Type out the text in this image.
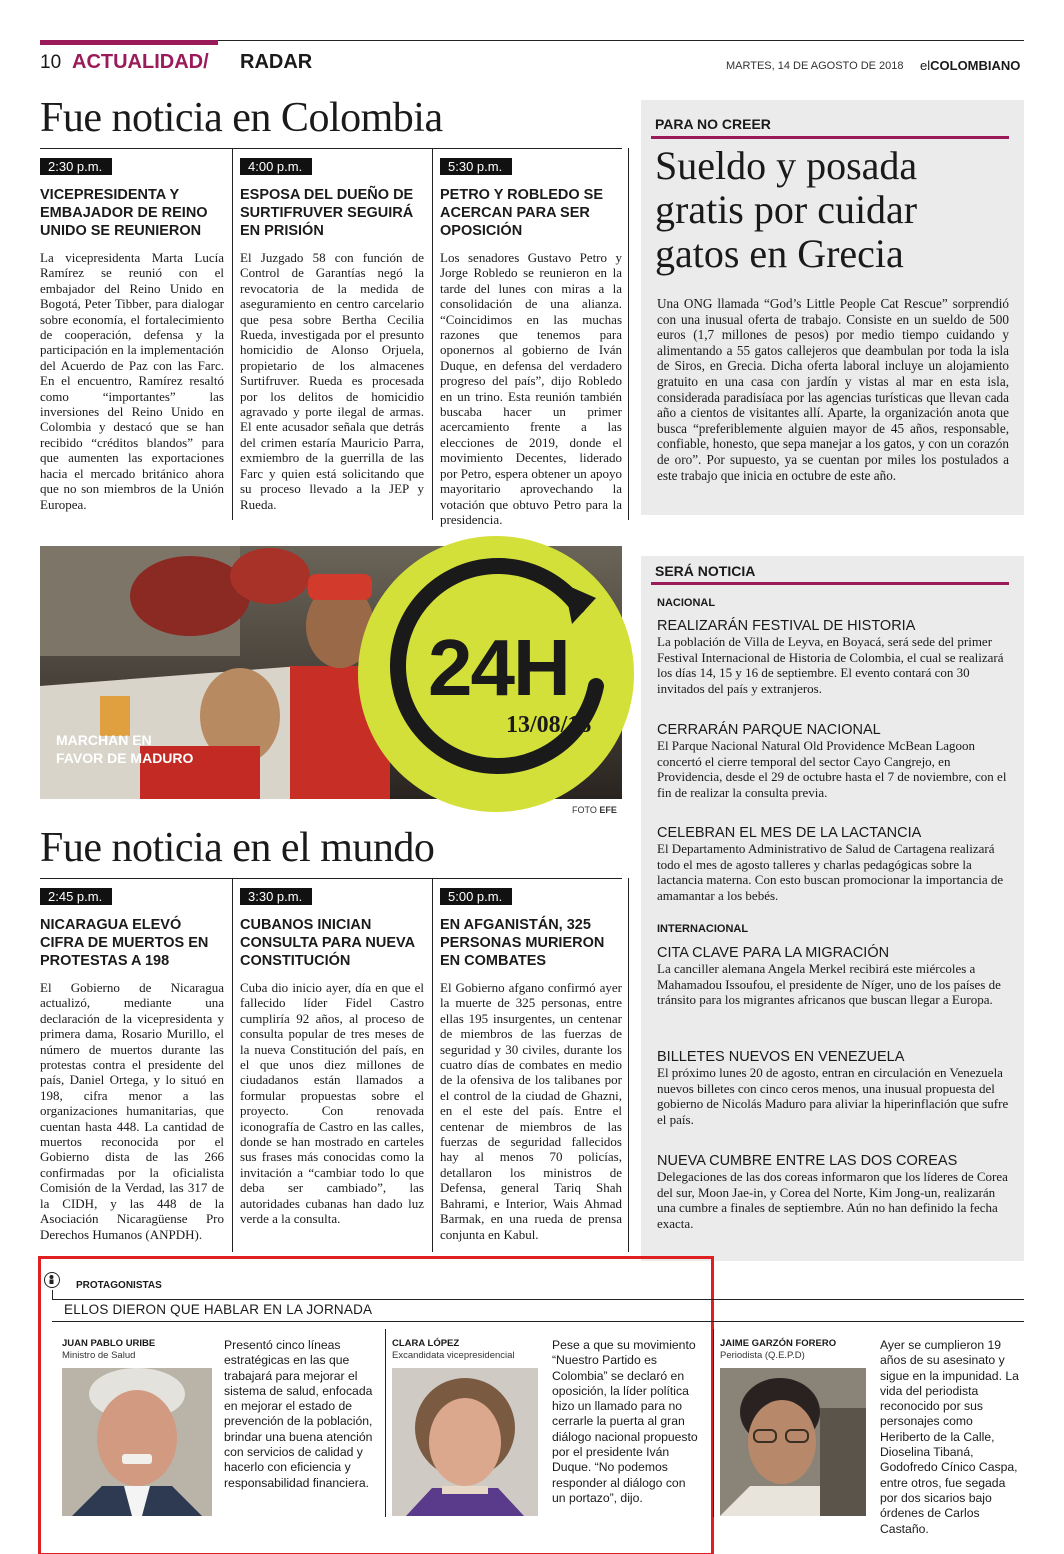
10 ACTUALIDAD/ RADAR	MARTES, 14 DE AGOSTO DE 2018 elCOLOMBIANO
Fue noticia en Colombia
2:30 p.m.
VICEPRESIDENTA Y EMBAJADOR DE REINO UNIDO SE REUNIERON
La vicepresidenta Marta Lucía Ramírez se reunió con el embajador del Reino Unido en Bogotá, Peter Tibber, para dialogar sobre economía, el fortalecimiento de cooperación, defensa y la participación en la implementación del Acuerdo de Paz con las Farc. En el encuentro, Ramírez resaltó como “importantes” las inversiones del Reino Unido en Colombia y destacó que se han recibido “créditos blandos” para que aumenten las exportaciones hacia el mercado británico ahora que no son miembros de la Unión Europea.
4:00 p.m.
ESPOSA DEL DUEÑO DE SURTIFRUVER SEGUIRÁ EN PRISIÓN
El Juzgado 58 con función de Control de Garantías negó la revocatoria de la medida de aseguramiento en centro carcelario que pesa sobre Bertha Cecilia Rueda, investigada por el presunto homicidio de Alonso Orjuela, propietario de los almacenes Surtifruver. Rueda es procesada por los delitos de homicidio agravado y porte ilegal de armas. El ente acusador señala que detrás del crimen estaría Mauricio Parra, exmiembro de la guerrilla de las Farc y quien está solicitando que su proceso llevado a la JEP y Rueda.
5:30 p.m.
PETRO Y ROBLEDO SE ACERCAN PARA SER OPOSICIÓN
Los senadores Gustavo Petro y Jorge Robledo se reunieron en la tarde del lunes con miras a la consolidación de una alianza. “Coincidimos en las muchas razones que tenemos para oponernos al gobierno de Iván Duque, en defensa del verdadero progreso del país”, dijo Robledo en un trino. Esta reunión también buscaba hacer un primer acercamiento frente a las elecciones de 2019, donde el movimiento Decentes, liderado por Petro, espera obtener un apoyo mayoritario aprovechando la votación que obtuvo Petro para la presidencia.
PARA NO CREER
Sueldo y posada gratis por cuidar gatos en Grecia
Una ONG llamada “God’s Little People Cat Rescue” sorprendió con una inusual oferta de trabajo. Consiste en un sueldo de 500 euros (1,7 millones de pesos) por medio tiempo cuidando y alimentando a 55 gatos callejeros que deambulan por toda la isla de Siros, en Grecia. Dicha oferta laboral incluye un alojamiento gratuito en una casa con jardín y vistas al mar en esta isla, considerada paradisíaca por las agencias turísticas que llevan cada año a cientos de visitantes allí. Aparte, la organización anota que busca “preferiblemente alguien mayor de 45 años, responsable, confiable, honesto, que sepa manejar a los gatos, y con un corazón de oro”. Por supuesto, ya se cuentan por miles los postulados a este trabajo que inicia en octubre de este año.
24H
13/08/18
MARCHAN EN
FAVOR DE MADURO
FOTO EFE
SERÁ NOTICIA
NACIONAL
REALIZARÁN FESTIVAL DE HISTORIA
La población de Villa de Leyva, en Boyacá, será sede del primer Festival Internacional de Historia de Colombia, el cual se realizará los días 14, 15 y 16 de septiembre. El evento contará con 30 invitados del país y extranjeros.
CERRARÁN PARQUE NACIONAL
El Parque Nacional Natural Old Providence McBean Lagoon concertó el cierre temporal del sector Cayo Cangrejo, en Providencia, desde el 29 de octubre hasta el 7 de noviembre, con el fin de realizar la consulta previa.
CELEBRAN EL MES DE LA LACTANCIA
El Departamento Administrativo de Salud de Cartagena realizará todo el mes de agosto talleres y charlas pedagógicas sobre la lactancia materna. Con esto buscan promocionar la importancia de amamantar a los bebés.
INTERNACIONAL
CITA CLAVE PARA LA MIGRACIÓN
La canciller alemana Angela Merkel recibirá este miércoles a Mahamadou Issoufou, el presidente de Níger, uno de los países de tránsito para los migrantes africanos que buscan llegar a Europa.
BILLETES NUEVOS EN VENEZUELA
El próximo lunes 20 de agosto, entran en circulación en Venezuela nuevos billetes con cinco ceros menos, una inusual propuesta del gobierno de Nicolás Maduro para aliviar la hiperinflación que sufre el país.
NUEVA CUMBRE ENTRE LAS DOS COREAS
Delegaciones de las dos coreas informaron que los líderes de Corea del sur, Moon Jae-in, y Corea del Norte, Kim Jong-un, realizarán una cumbre a finales de septiembre. Aún no han definido la fecha exacta.
Fue noticia en el mundo
2:45 p.m.
NICARAGUA ELEVÓ CIFRA DE MUERTOS EN PROTESTAS A 198
El Gobierno de Nicaragua actualizó, mediante una declaración de la vicepresidenta y primera dama, Rosario Murillo, el número de muertos durante las protestas contra el presidente del país, Daniel Ortega, y lo situó en 198, cifra menor a las organizaciones humanitarias, que cuentan hasta 448. La cantidad de muertos reconocida por el Gobierno dista de las 266 confirmadas por la oficialista Comisión de la Verdad, las 317 de la CIDH, y las 448 de la Asociación Nicaragüense Pro Derechos Humanos (ANPDH).
3:30 p.m.
CUBANOS INICIAN CONSULTA PARA NUEVA CONSTITUCIÓN
Cuba dio inicio ayer, día en que el fallecido líder Fidel Castro cumpliría 92 años, al proceso de consulta popular de tres meses de la nueva Constitución del país, en el que unos diez millones de ciudadanos están llamados a formular propuestas sobre el proyecto. Con renovada iconografía de Castro en las calles, donde se han mostrado en carteles sus frases más conocidas como la invitación a “cambiar todo lo que deba ser cambiado”, las autoridades cubanas han dado luz verde a la consulta.
5:00 p.m.
EN AFGANISTÁN, 325 PERSONAS MURIERON EN COMBATES
El Gobierno afgano confirmó ayer la muerte de 325 personas, entre ellas 195 insurgentes, un centenar de miembros de las fuerzas de seguridad y 30 civiles, durante los cuatro días de combates en medio de la ofensiva de los talibanes por el control de la ciudad de Ghazni, en el este del país. Entre el centenar de miembros de las fuerzas de seguridad fallecidos hay al menos 70 policías, detallaron los ministros de Defensa, general Tariq Shah Bahrami, e Interior, Wais Ahmad Barmak, en una rueda de prensa conjunta en Kabul.
PROTAGONISTAS
ELLOS DIERON QUE HABLAR EN LA JORNADA
JUAN PABLO URIBE
Ministro de Salud
Presentó cinco líneas estratégicas en las que trabajará para mejorar el sistema de salud, enfocada en mejorar el estado de prevención de la población, brindar una buena atención con servicios de calidad y hacerlo con eficiencia y responsabilidad financiera.
CLARA LÓPEZ
Excandidata vicepresidencial
Pese a que su movimiento “Nuestro Partido es Colombia” se declaró en oposición, la líder política hizo un llamado para no cerrarle la puerta al gran diálogo nacional propuesto por el presidente Iván Duque. “No podemos responder al diálogo con un portazo”, dijo.
JAIME GARZÓN FORERO
Periodista (Q.E.P.D)
Ayer se cumplieron 19 años de su asesinato y sigue en la impunidad. La vida del periodista reconocido por sus personajes como Heriberto de la Calle, Dioselina Tibaná, Godofredo Cínico Caspa, entre otros, fue segada por dos sicarios bajo órdenes de Carlos Castaño.
